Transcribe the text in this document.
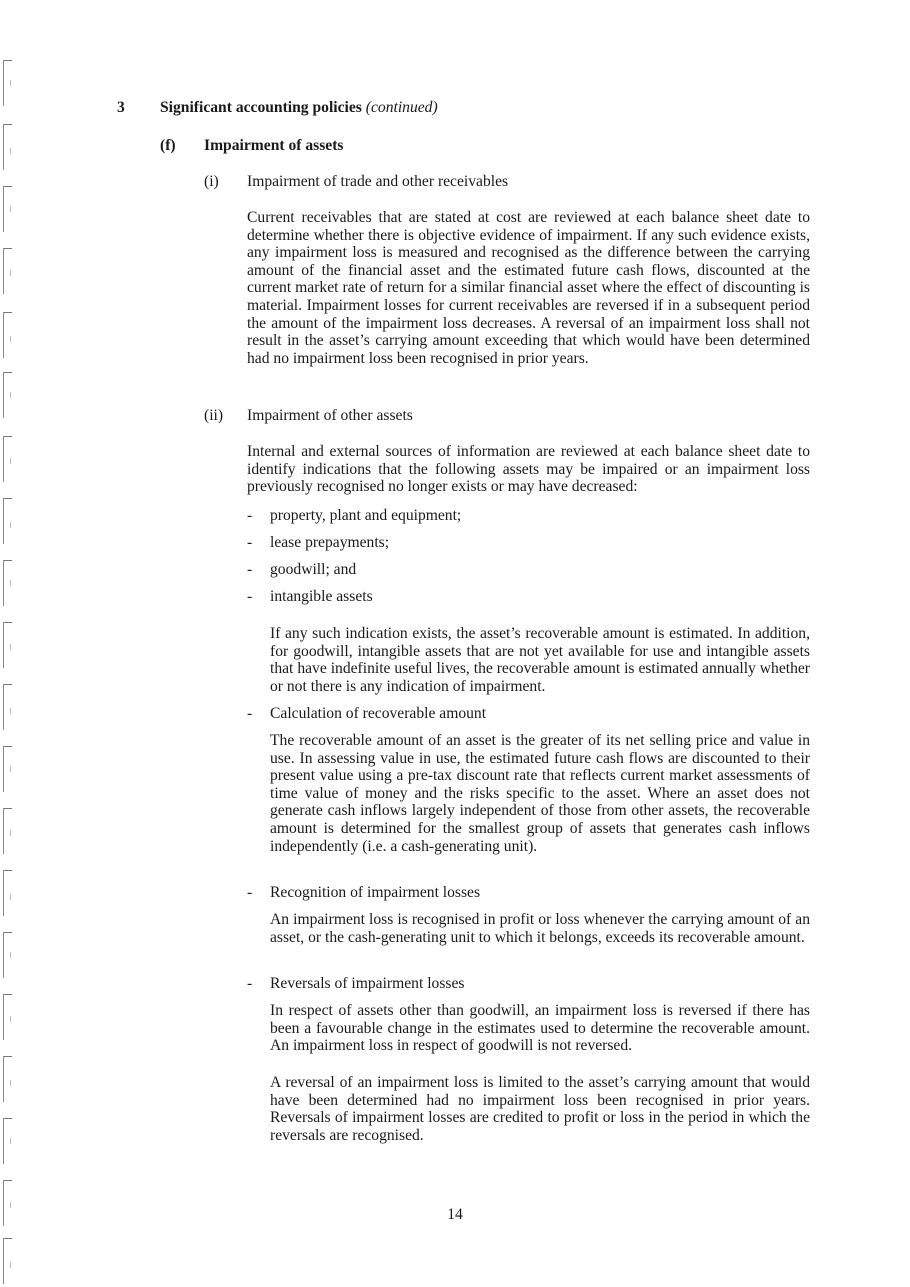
3 Significant accounting policies (continued)
(f) Impairment of assets
(i) Impairment of trade and other receivables
Current receivables that are stated at cost are reviewed at each balance sheet date to determine whether there is objective evidence of impairment. If any such evidence exists, any impairment loss is measured and recognised as the difference between the carrying amount of the financial asset and the estimated future cash flows, discounted at the current market rate of return for a similar financial asset where the effect of discounting is material. Impairment losses for current receivables are reversed if in a subsequent period the amount of the impairment loss decreases. A reversal of an impairment loss shall not result in the asset’s carrying amount exceeding that which would have been determined had no impairment loss been recognised in prior years.
(ii) Impairment of other assets
Internal and external sources of information are reviewed at each balance sheet date to identify indications that the following assets may be impaired or an impairment loss previously recognised no longer exists or may have decreased:
- property, plant and equipment;
- lease prepayments;
- goodwill; and
- intangible assets
If any such indication exists, the asset’s recoverable amount is estimated. In addition, for goodwill, intangible assets that are not yet available for use and intangible assets that have indefinite useful lives, the recoverable amount is estimated annually whether or not there is any indication of impairment.
- Calculation of recoverable amount
The recoverable amount of an asset is the greater of its net selling price and value in use. In assessing value in use, the estimated future cash flows are discounted to their present value using a pre-tax discount rate that reflects current market assessments of time value of money and the risks specific to the asset. Where an asset does not generate cash inflows largely independent of those from other assets, the recoverable amount is determined for the smallest group of assets that generates cash inflows independently (i.e. a cash-generating unit).
- Recognition of impairment losses
An impairment loss is recognised in profit or loss whenever the carrying amount of an asset, or the cash-generating unit to which it belongs, exceeds its recoverable amount.
- Reversals of impairment losses
In respect of assets other than goodwill, an impairment loss is reversed if there has been a favourable change in the estimates used to determine the recoverable amount. An impairment loss in respect of goodwill is not reversed.
A reversal of an impairment loss is limited to the asset’s carrying amount that would have been determined had no impairment loss been recognised in prior years. Reversals of impairment losses are credited to profit or loss in the period in which the reversals are recognised.
14
